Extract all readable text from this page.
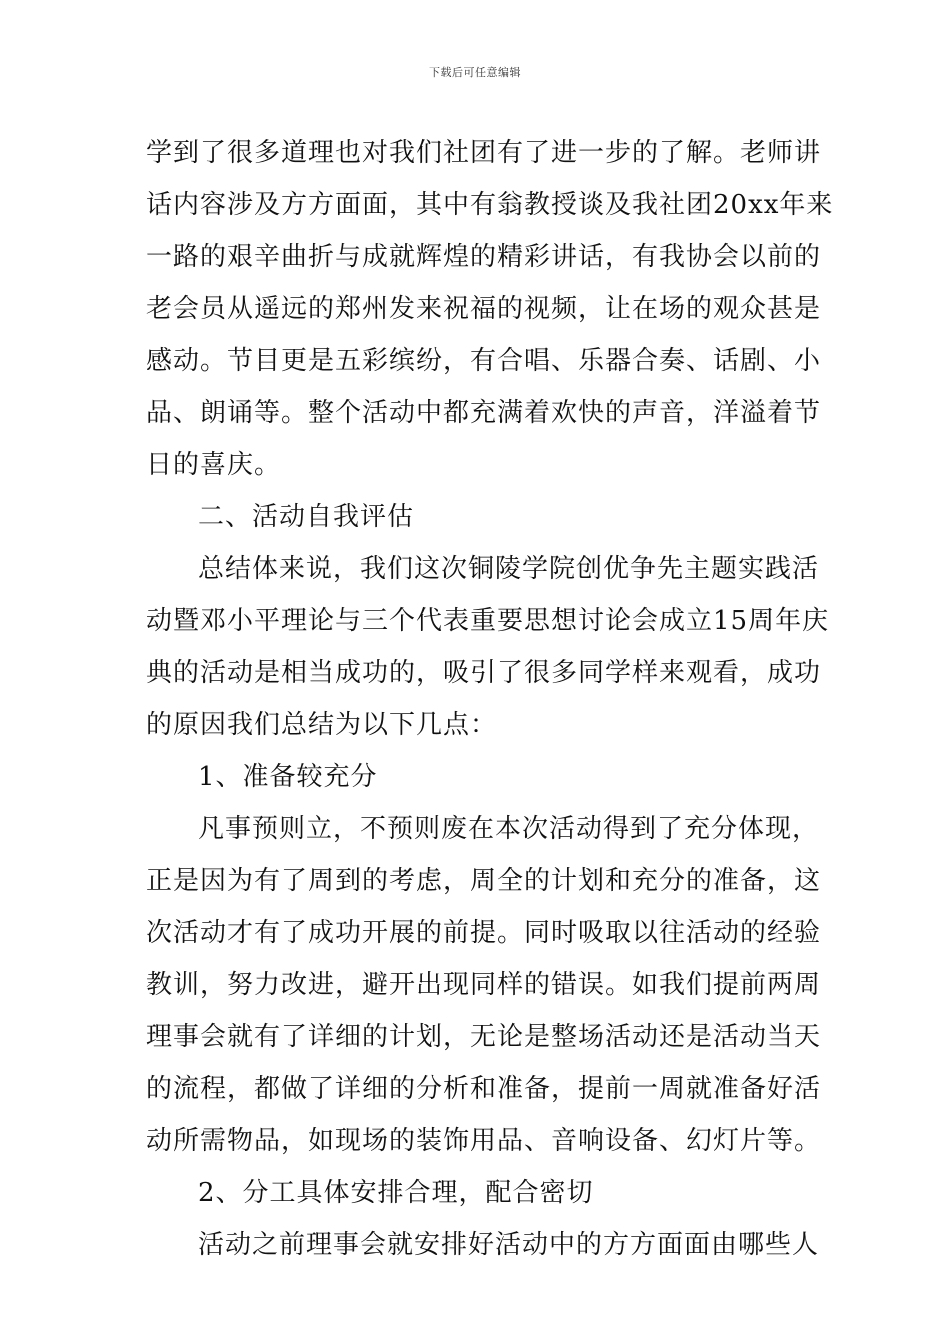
下载后可任意编辑
学到了很多道理也对我们社团有了进一步的了解。老师讲
话内容涉及方方面面，其中有翁教授谈及我社团20xx年来
一路的艰辛曲折与成就辉煌的精彩讲话，有我协会以前的
老会员从遥远的郑州发来祝福的视频，让在场的观众甚是
感动。节目更是五彩缤纷，有合唱、乐器合奏、话剧、小
品、朗诵等。整个活动中都充满着欢快的声音，洋溢着节
日的喜庆。
二、活动自我评估
总结体来说，我们这次铜陵学院创优争先主题实践活
动暨邓小平理论与三个代表重要思想讨论会成立15周年庆
典的活动是相当成功的，吸引了很多同学样来观看，成功
的原因我们总结为以下几点：
1、准备较充分
凡事预则立，不预则废在本次活动得到了充分体现，
正是因为有了周到的考虑，周全的计划和充分的准备，这
次活动才有了成功开展的前提。同时吸取以往活动的经验
教训，努力改进，避开出现同样的错误。如我们提前两周
理事会就有了详细的计划，无论是整场活动还是活动当天
的流程，都做了详细的分析和准备，提前一周就准备好活
动所需物品，如现场的装饰用品、音响设备、幻灯片等。
2、分工具体安排合理，配合密切
活动之前理事会就安排好活动中的方方面面由哪些人
